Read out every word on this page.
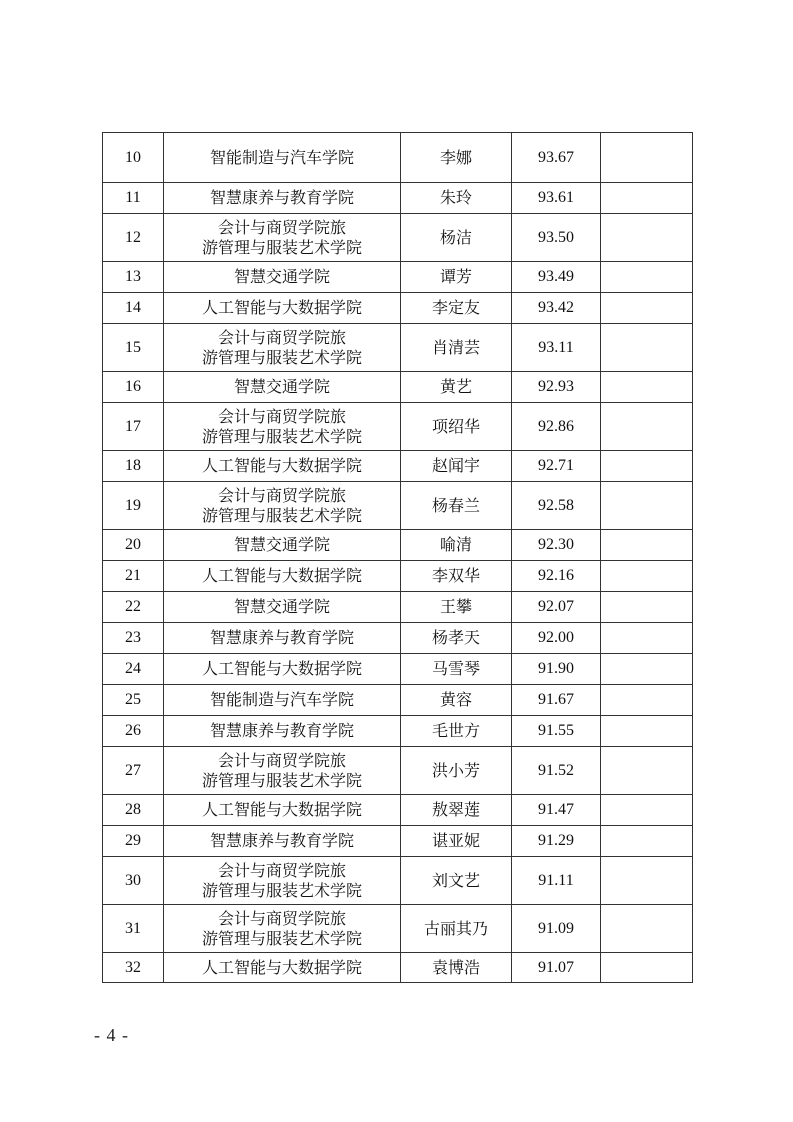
10	智能制造与汽车学院	李娜	93.67	
11	智慧康养与教育学院	朱玲	93.61	
12	会计与商贸学院旅
游管理与服装艺术学院	杨洁	93.50	
13	智慧交通学院	谭芳	93.49	
14	人工智能与大数据学院	李定友	93.42	
15	会计与商贸学院旅
游管理与服装艺术学院	肖清芸	93.11	
16	智慧交通学院	黄艺	92.93	
17	会计与商贸学院旅
游管理与服装艺术学院	项绍华	92.86	
18	人工智能与大数据学院	赵闻宇	92.71	
19	会计与商贸学院旅
游管理与服装艺术学院	杨春兰	92.58	
20	智慧交通学院	喻清	92.30	
21	人工智能与大数据学院	李双华	92.16	
22	智慧交通学院	王攀	92.07	
23	智慧康养与教育学院	杨孝天	92.00	
24	人工智能与大数据学院	马雪琴	91.90	
25	智能制造与汽车学院	黄容	91.67	
26	智慧康养与教育学院	毛世方	91.55	
27	会计与商贸学院旅
游管理与服装艺术学院	洪小芳	91.52	
28	人工智能与大数据学院	敖翠莲	91.47	
29	智慧康养与教育学院	谌亚妮	91.29	
30	会计与商贸学院旅
游管理与服装艺术学院	刘文艺	91.11	
31	会计与商贸学院旅
游管理与服装艺术学院	古丽其乃	91.09	
32	人工智能与大数据学院	袁博浩	91.07	
- 4 -
